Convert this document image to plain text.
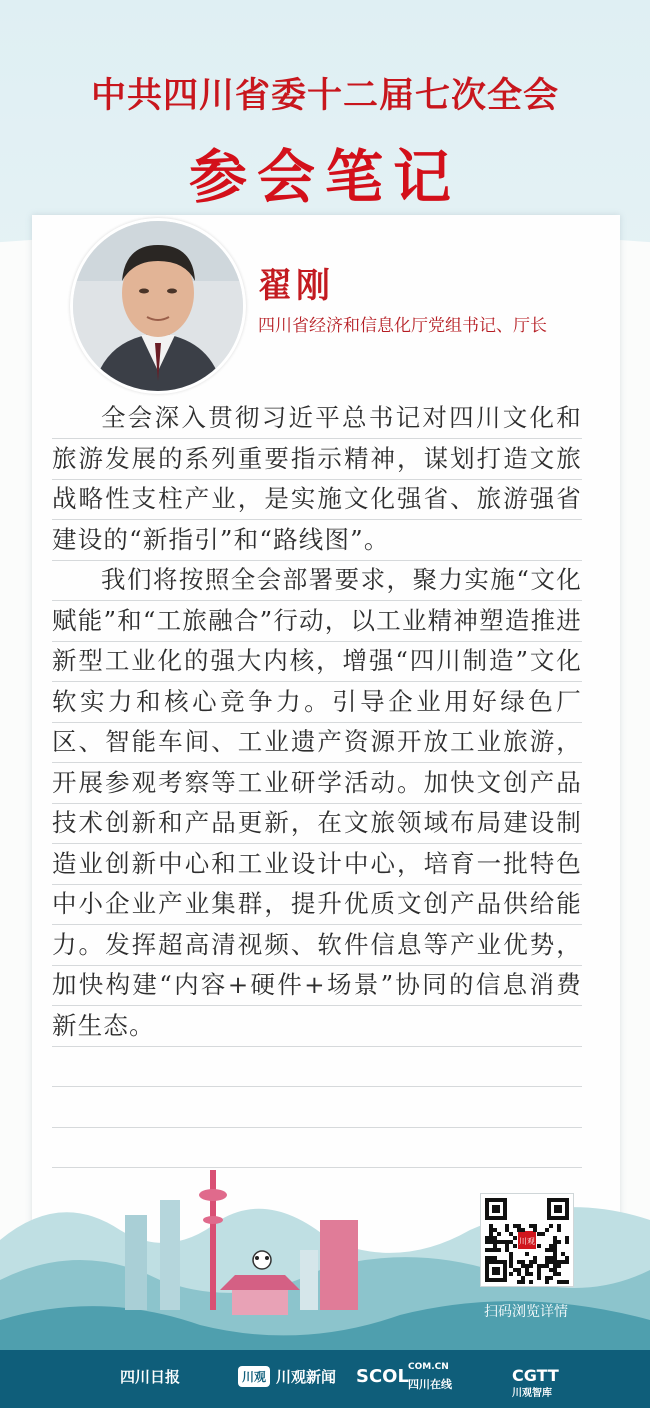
中共四川省委十二届七次全会
参会笔记
翟刚
四川省经济和信息化厅党组书记、厅长

全会深入贯彻习近平总书记对四川文化和旅游发展的系列重要指示精神，谋划打造文旅战略性支柱产业，是实施文化强省、旅游强省建设的“新指引”和“路线图”。

我们将按照全会部署要求，聚力实施“文化赋能”和“工旅融合”行动，以工业精神塑造推进新型工业化的强大内核，增强“四川制造”文化软实力和核心竞争力。引导企业用好绿色厂区、智能车间、工业遗产资源开放工业旅游，开展参观考察等工业研学活动。加快文创产品技术创新和产品更新，在文旅领域布局建设制造业创新中心和工业设计中心，培育一批特色中小企业产业集群，提升优质文创产品供给能力。发挥超高清视频、软件信息等产业优势，加快构建“内容+硬件+场景”协同的信息消费新生态。

川观
扫码浏览详情
四川日报	川观 川观新闻 SCOL COM.CN
四川在线	CGTT
川观智库
